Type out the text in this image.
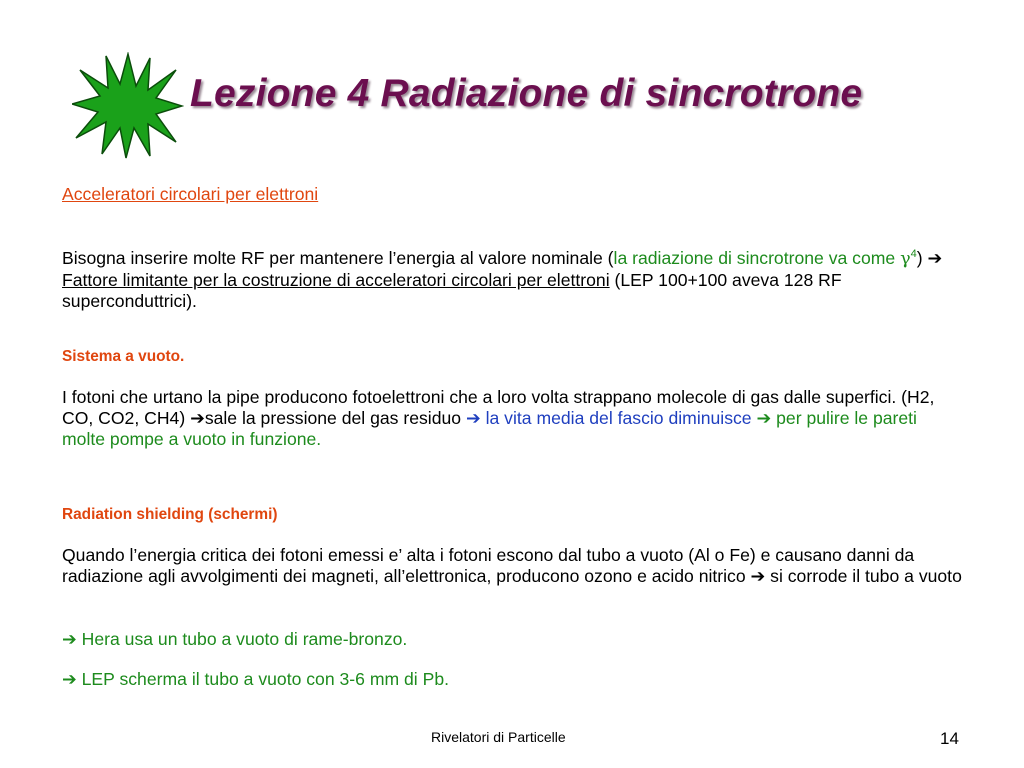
Lezione 4 Radiazione di sincrotrone
Acceleratori circolari per elettroni
Bisogna inserire molte RF per mantenere l’energia al valore nominale (la radiazione di sincrotrone va come $\gamma^4$) ➔ Fattore limitante per la costruzione di acceleratori circolari per elettroni (LEP 100+100 aveva 128 RF superconduttrici).
Sistema a vuoto.
I fotoni che urtano la pipe producono fotoelettroni che a loro volta strappano molecole di gas dalle superfici. (H2, CO, CO2, CH4) ➔sale la pressione del gas residuo ➔ la vita media del fascio diminuisce ➔ per pulire le pareti molte pompe a vuoto in funzione.
Radiation shielding (schermi)
Quando l’energia critica dei fotoni emessi e’ alta i fotoni escono dal tubo a vuoto (Al o Fe) e causano danni da radiazione agli avvolgimenti dei magneti, all’elettronica, producono ozono e acido nitrico ➔ si corrode il tubo a vuoto
➔ Hera usa un tubo a vuoto di rame-bronzo.
➔ LEP scherma il tubo a vuoto con 3-6 mm di Pb.
Rivelatori di Particelle	14
